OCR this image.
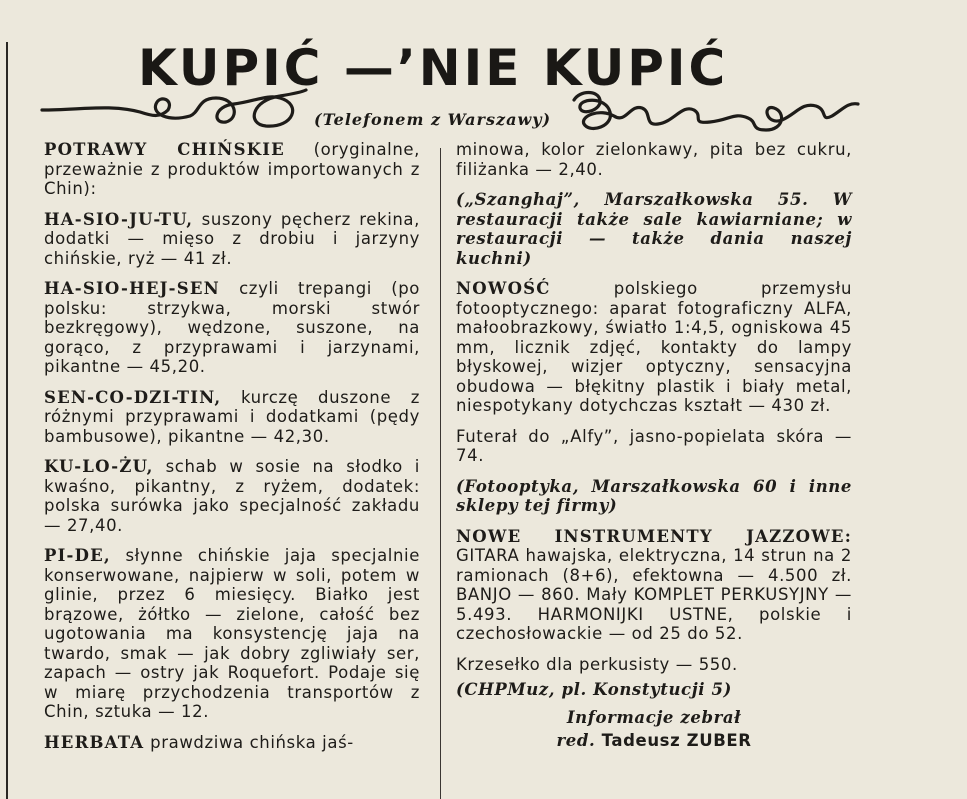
KUPIĆ —’NIE KUPIĆ
(Telefonem z Warszawy)

POTRAWY CHIŃSKIE (oryginalne, przeważnie z produktów importowanych z Chin):

HA-SIO-JU-TU, suszony pęcherz rekina, dodatki — mięso z drobiu i jarzyny chińskie, ryż — 41 zł.

HA-SIO-HEJ-SEN czyli trepangi (po polsku: strzykwa, morski stwór bezkręgowy), wędzone, suszone, na gorąco, z przyprawami i jarzynami, pikantne — 45,20.

SEN-CO-DZI-TIN, kurczę duszone z różnymi przyprawami i dodatkami (pędy bambusowe), pikantne — 42,30.

KU-LO-ŻU, schab w sosie na słodko i kwaśno, pikantny, z ryżem, dodatek: polska surówka jako specjalność zakładu — 27,40.

PI-DE, słynne chińskie jaja specjalnie konserwowane, najpierw w soli, potem w glinie, przez 6 miesięcy. Białko jest brązowe, żółtko — zielone, całość bez ugotowania ma konsystencję jaja na twardo, smak — jak dobry zgliwiały ser, zapach — ostry jak Roquefort. Podaje się w miarę przychodzenia transportów z Chin, sztuka — 12.

HERBATA prawdziwa chińska jaś-

minowa, kolor zielonkawy, pita bez cukru, filiżanka — 2,40.

(„Szanghaj”, Marszałkowska 55. W restauracji także sale kawiarniane; w restauracji — także dania naszej kuchni)

NOWOŚĆ polskiego przemysłu fotooptycznego: aparat fotograficzny ALFA, małoobrazkowy, światło 1:4,5, ogniskowa 45 mm, licznik zdjęć, kontakty do lampy błyskowej, wizjer optyczny, sensacyjna obudowa — błękitny plastik i biały metal, niespotykany dotychczas kształt — 430 zł.

Futerał do „Alfy”, jasno-popielata skóra — 74.

(Fotooptyka, Marszałkowska 60 i inne sklepy tej firmy)

NOWE INSTRUMENTY JAZZOWE: GITARA hawajska, elektryczna, 14 strun na 2 ramionach (8+6), efektowna — 4.500 zł. BANJO — 860. Mały KOMPLET PERKUSYJNY — 5.493. HARMONIJKI USTNE, polskie i czechosłowackie — od 25 do 52.

Krzesełko dla perkusisty — 550.

(CHPMuz, pl. Konstytucji 5)

Informacje zebrał

red. Tadeusz ZUBER
